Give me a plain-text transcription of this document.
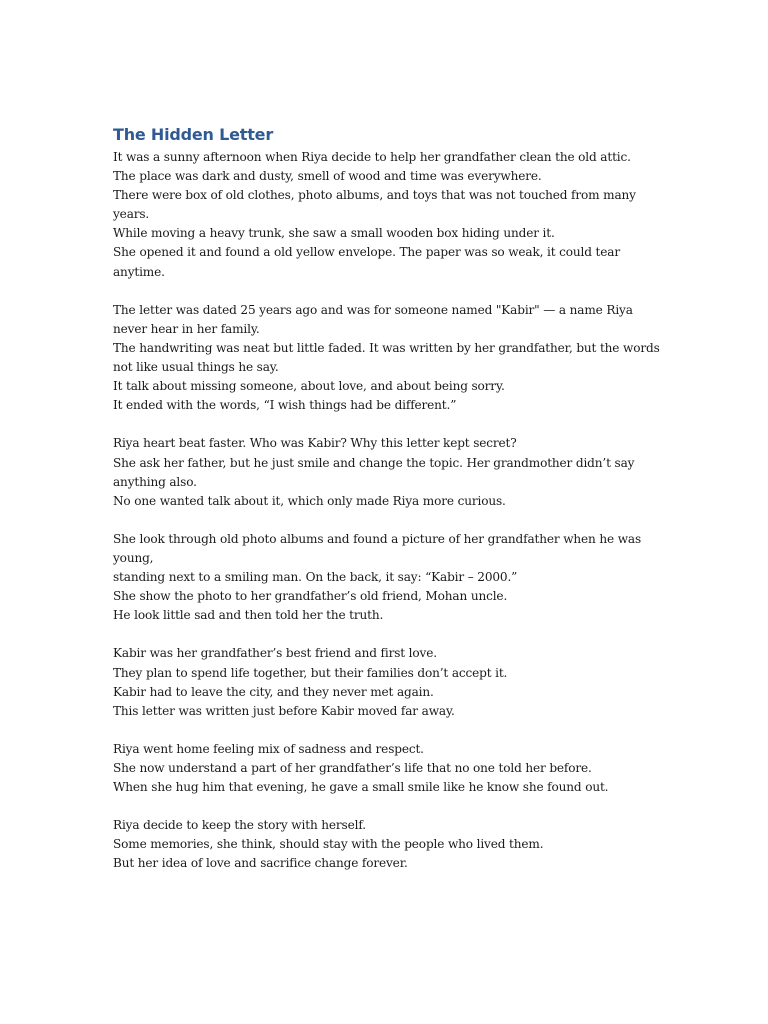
The Hidden Letter
It was a sunny afternoon when Riya decide to help her grandfather clean the old attic.
The place was dark and dusty, smell of wood and time was everywhere.
There were box of old clothes, photo albums, and toys that was not touched from many
years.
While moving a heavy trunk, she saw a small wooden box hiding under it.
She opened it and found a old yellow envelope. The paper was so weak, it could tear
anytime.
The letter was dated 25 years ago and was for someone named "Kabir" — a name Riya
never hear in her family.
The handwriting was neat but little faded. It was written by her grandfather, but the words
not like usual things he say.
It talk about missing someone, about love, and about being sorry.
It ended with the words, “I wish things had be different.”
Riya heart beat faster. Who was Kabir? Why this letter kept secret?
She ask her father, but he just smile and change the topic. Her grandmother didn’t say
anything also.
No one wanted talk about it, which only made Riya more curious.
She look through old photo albums and found a picture of her grandfather when he was
young,
standing next to a smiling man. On the back, it say: “Kabir – 2000.”
She show the photo to her grandfather’s old friend, Mohan uncle.
He look little sad and then told her the truth.
Kabir was her grandfather’s best friend and first love.
They plan to spend life together, but their families don’t accept it.
Kabir had to leave the city, and they never met again.
This letter was written just before Kabir moved far away.
Riya went home feeling mix of sadness and respect.
She now understand a part of her grandfather’s life that no one told her before.
When she hug him that evening, he gave a small smile like he know she found out.
Riya decide to keep the story with herself.
Some memories, she think, should stay with the people who lived them.
But her idea of love and sacrifice change forever.
